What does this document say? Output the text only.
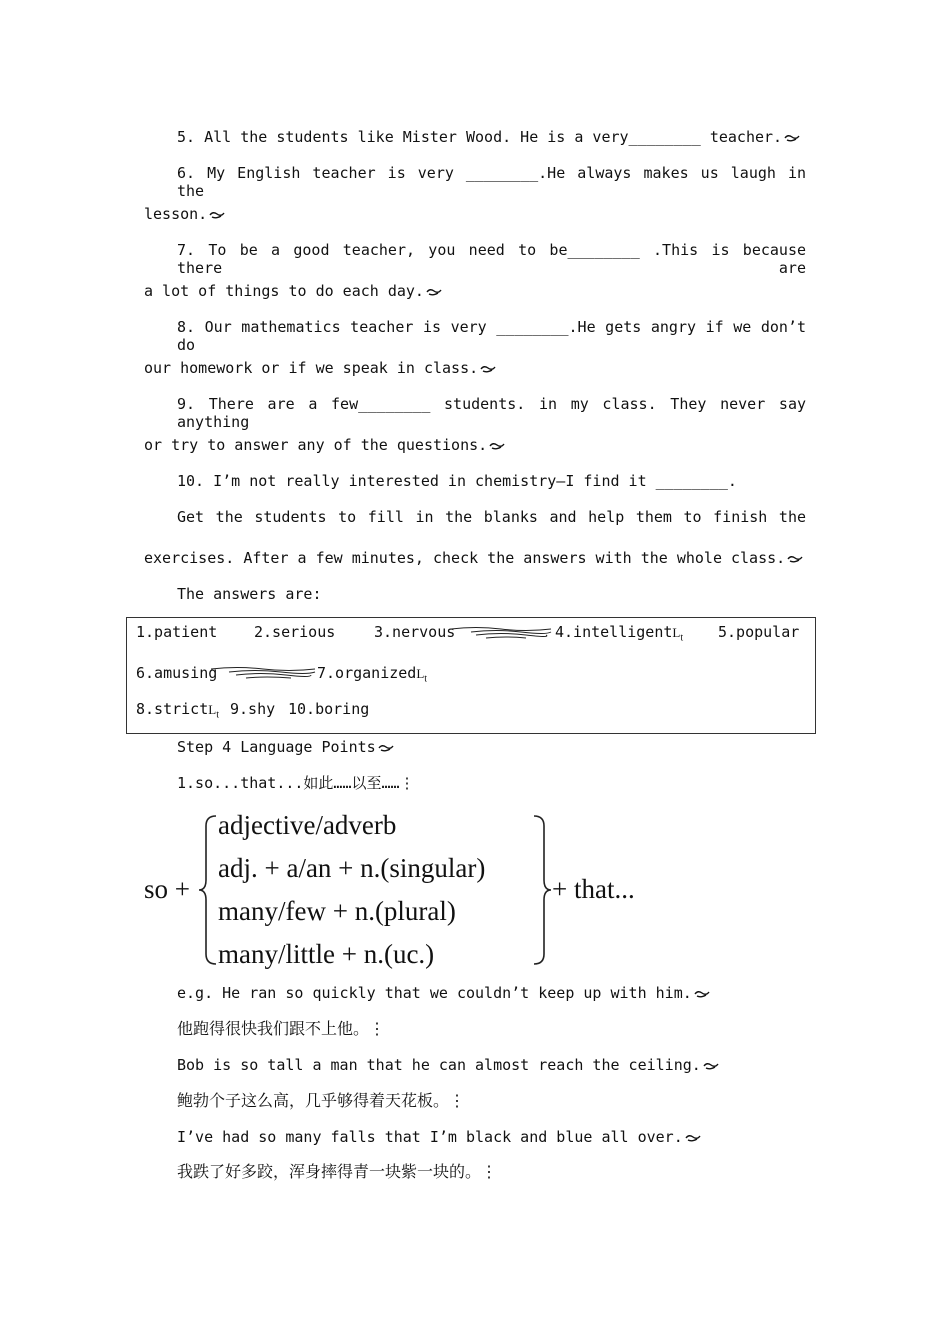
5. All the students like Mister Wood. He is a very________ teacher.
6. My English teacher is very ________.He always makes us laugh in the
lesson.
7. To be a good teacher, you need to be________ .This is because there are
a lot of things to do each day.
8. Our mathematics teacher is very ________.He gets angry if we don’t do
our homework or if we speak in class.
9. There are a few________ students. in my class. They never say anything
or try to answer any of the questions.
10. I’m not really interested in chemistry—I find it ________.
Get the students to fill in the blanks and help them to finish the
exercises. After a few minutes, check the answers with the whole class.
The answers are:
1.patient 2.serious	3.nervous	4.intelligentL$_t$ 5.popular
6.amusing	7.organizedL$_t$
8.strictL$_t$ 9.shy 10.boring
Step 4 Language Points
1.so...that...如此……以至……⋮
so +
adjective/adverb
adj. + a/an + n.(singular)
many/few + n.(plural)
many/little + n.(uc.)
+ that...
e.g. He ran so quickly that we couldn’t keep up with him.
他跑得很快我们跟不上他。⋮
Bob is so tall a man that he can almost reach the ceiling.
鲍勃个子这么高，几乎够得着天花板。⋮
I’ve had so many falls that I’m black and blue all over.
我跌了好多跤，浑身摔得青一块紫一块的。⋮
